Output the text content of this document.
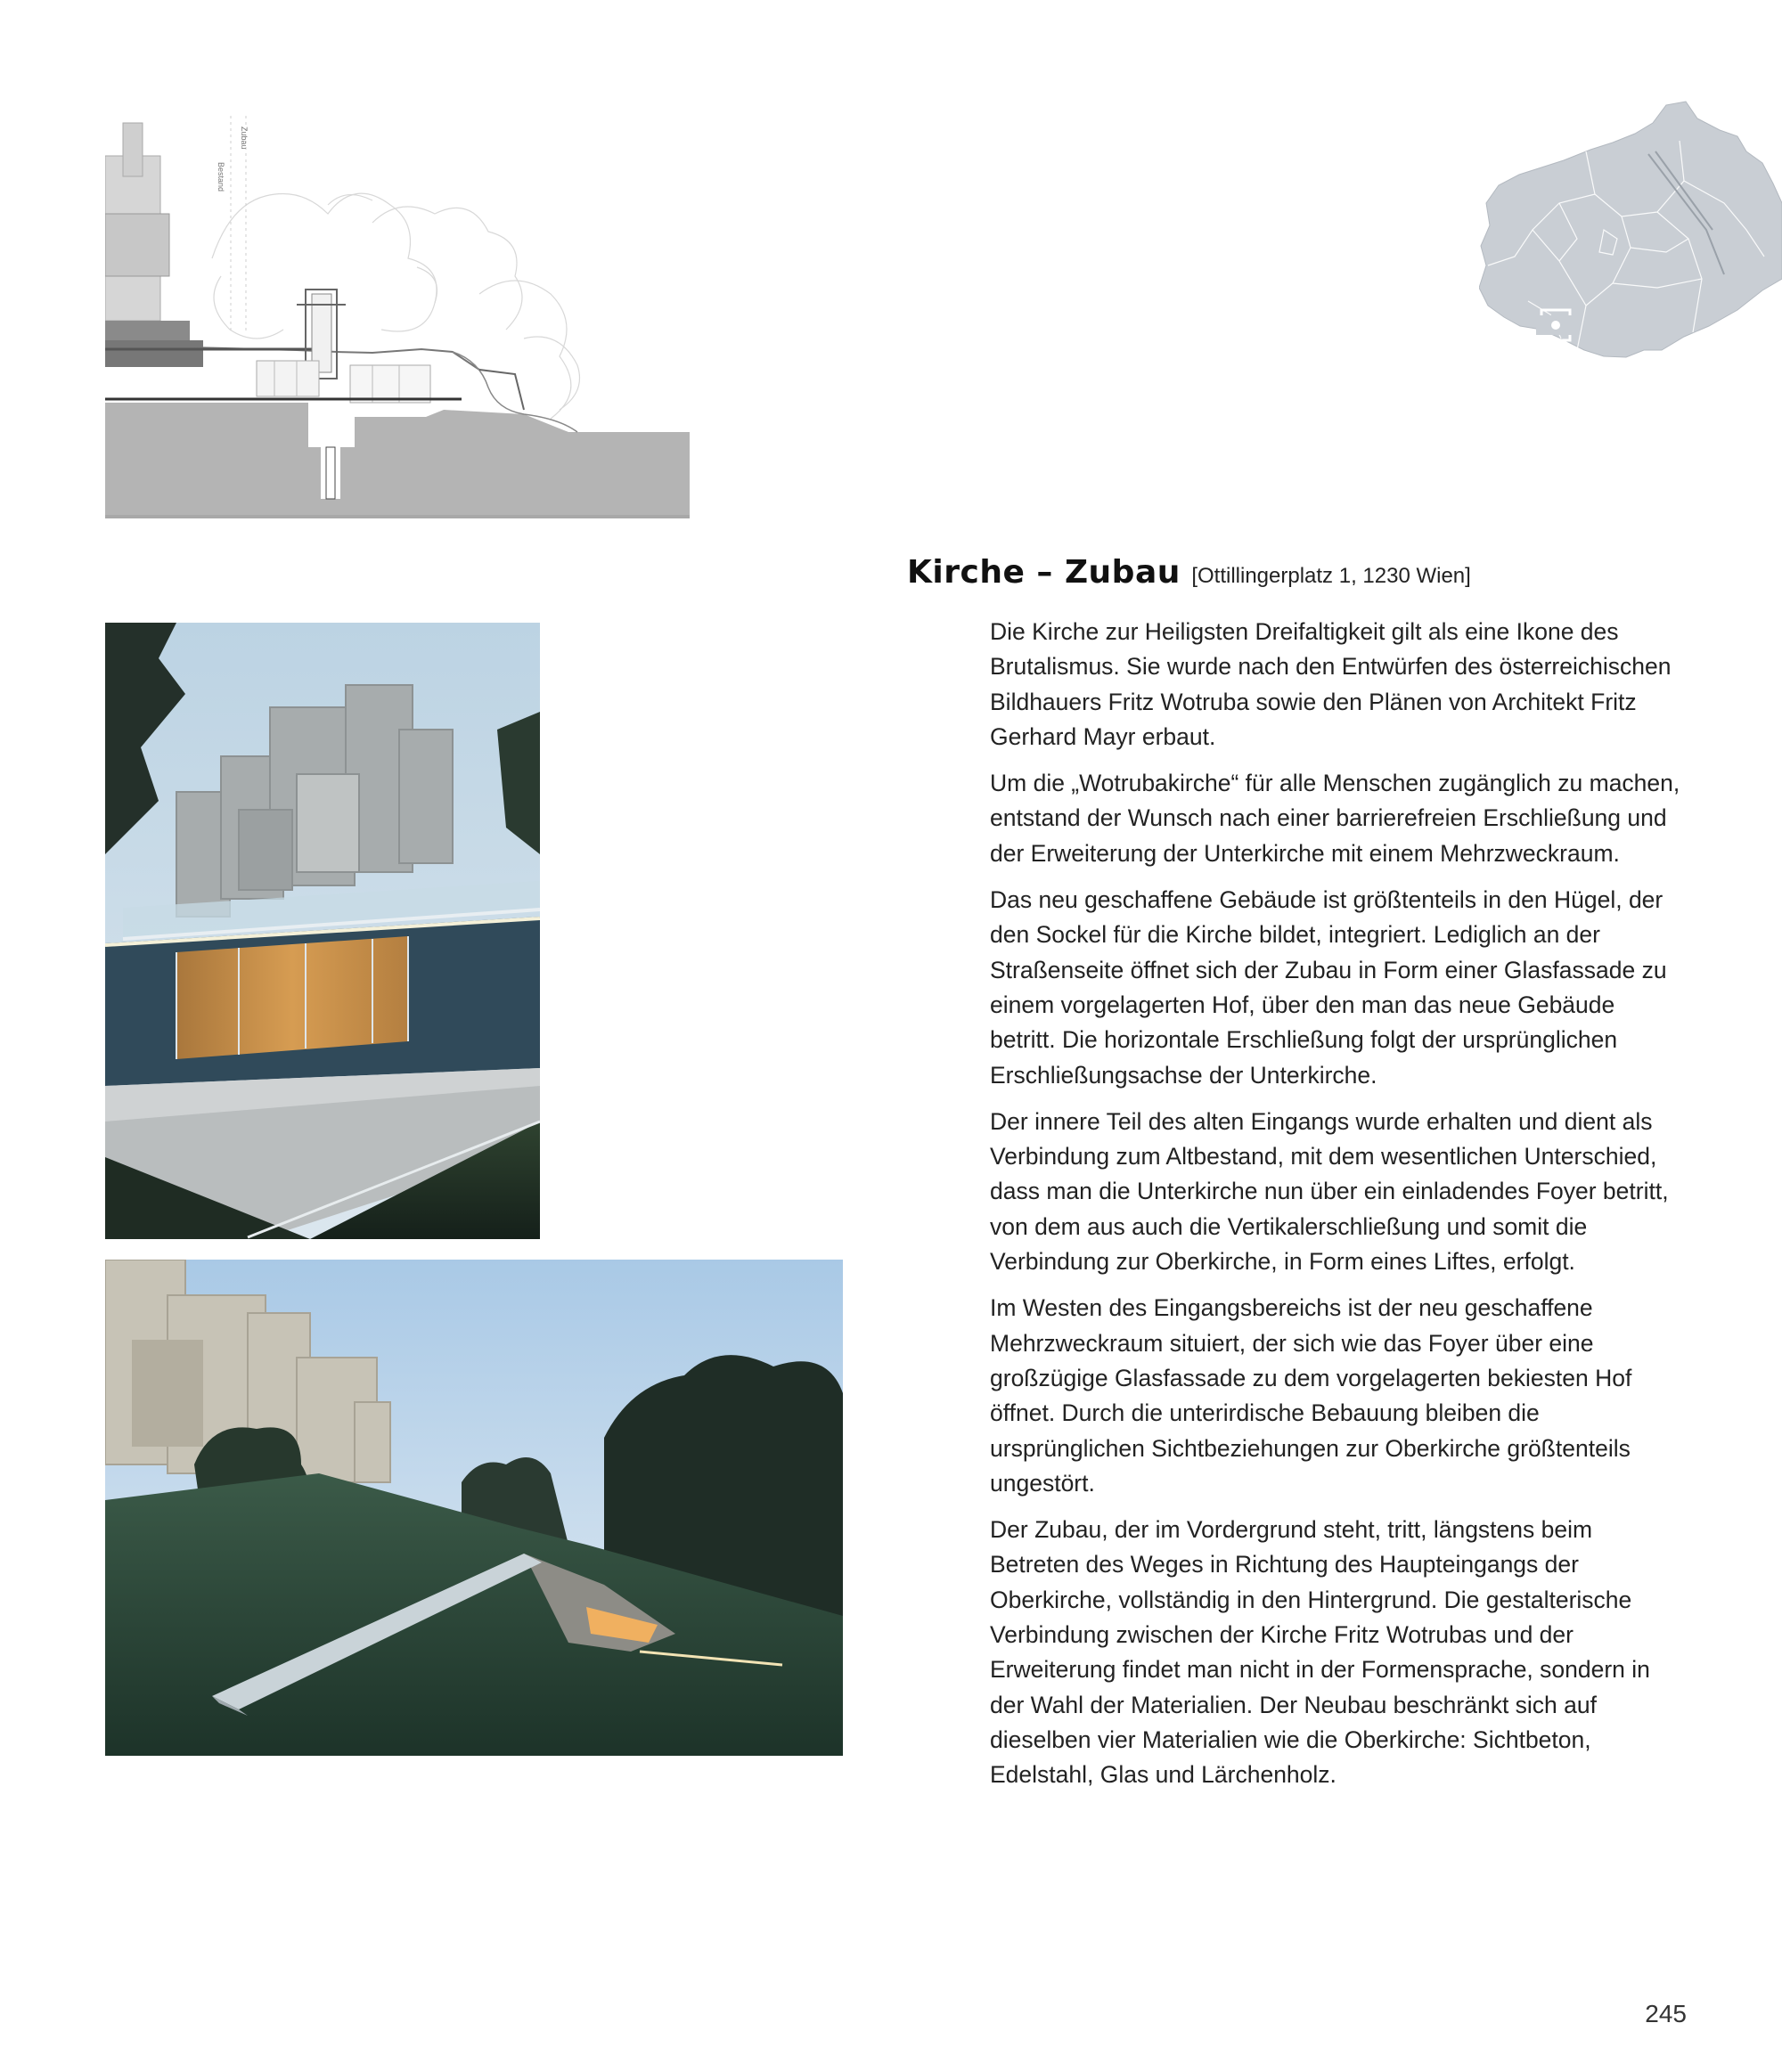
Bestand
Zubau
Kirche – Zubau [Ottillingerplatz 1, 1230 Wien]

Die Kirche zur Heiligsten Dreifaltigkeit gilt als eine Ikone des Brutalismus. Sie wurde nach den Entwürfen des österreichischen Bildhauers Fritz Wotruba sowie den Plänen von Architekt Fritz Gerhard Mayr erbaut.

Um die „Wotrubakirche“ für alle Menschen zugänglich zu machen, entstand der Wunsch nach einer barrierefreien Erschließung und der Erweiterung der Unterkirche mit einem Mehrzweckraum.

Das neu geschaffene Gebäude ist größtenteils in den Hügel, der den Sockel für die Kirche bildet, integriert. Lediglich an der Straßenseite öffnet sich der Zubau in Form einer Glasfassade zu einem vorgelagerten Hof, über den man das neue Gebäude betritt. Die horizontale Erschließung folgt der ursprünglichen Erschließungsachse der Unterkirche.

Der innere Teil des alten Eingangs wurde erhalten und dient als Verbindung zum Altbestand, mit dem wesentlichen Unterschied, dass man die Unterkirche nun über ein einladendes Foyer betritt, von dem aus auch die Vertikalerschließung und somit die Verbindung zur Oberkirche, in Form eines Liftes, erfolgt.

Im Westen des Eingangsbereichs ist der neu geschaffene Mehrzweckraum situiert, der sich wie das Foyer über eine großzügige Glasfassade zu dem vorgelagerten bekiesten Hof öffnet. Durch die unterirdische Bebauung bleiben die ursprünglichen Sichtbeziehungen zur Oberkirche größtenteils ungestört.

Der Zubau, der im Vordergrund steht, tritt, längstens beim Betreten des Weges in Richtung des Haupteingangs der Oberkirche, vollständig in den Hintergrund. Die gestalterische Verbindung zwischen der Kirche Fritz Wotrubas und der Erweiterung findet man nicht in der Formensprache, sondern in der Wahl der Materialien. Der Neubau beschränkt sich auf dieselben vier Materialien wie die Oberkirche: Sichtbeton, Edelstahl, Glas und Lärchenholz.

245
